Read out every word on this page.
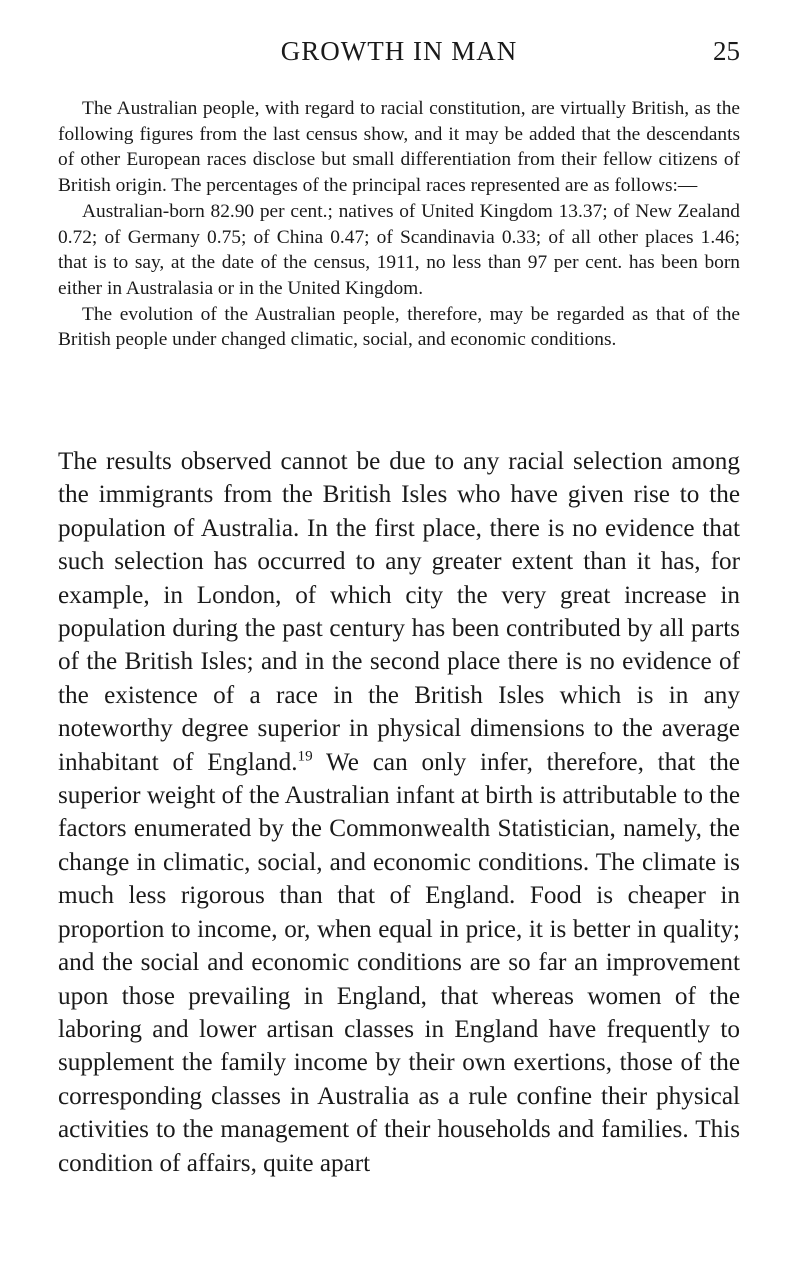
GROWTH IN MAN	25

The Australian people, with regard to racial constitution, are virtually British, as the following figures from the last census show, and it may be added that the descendants of other European races disclose but small differentiation from their fellow citizens of British origin. The percentages of the principal races represented are as follows:—

Australian-born 82.90 per cent.; natives of United Kingdom 13.37; of New Zealand 0.72; of Germany 0.75; of China 0.47; of Scandinavia 0.33; of all other places 1.46; that is to say, at the date of the census, 1911, no less than 97 per cent. has been born either in Australasia or in the United Kingdom.

The evolution of the Australian people, therefore, may be regarded as that of the British people under changed climatic, social, and economic conditions.

The results observed cannot be due to any racial selection among the immigrants from the British Isles who have given rise to the population of Australia. In the first place, there is no evidence that such selection has occurred to any greater extent than it has, for example, in London, of which city the very great increase in population during the past century has been contributed by all parts of the British Isles; and in the second place there is no evidence of the existence of a race in the British Isles which is in any noteworthy degree superior in physical dimensions to the average inhabitant of England.$^{19}$ We can only infer, therefore, that the superior weight of the Australian infant at birth is attributable to the factors enumerated by the Commonwealth Statistician, namely, the change in climatic, social, and economic conditions. The climate is much less rigorous than that of England. Food is cheaper in proportion to income, or, when equal in price, it is better in quality; and the social and economic conditions are so far an improvement upon those prevailing in England, that whereas women of the laboring and lower artisan classes in England have frequently to supplement the family income by their own exertions, those of the corresponding classes in Australia as a rule confine their physical activities to the management of their households and families. This condition of affairs, quite apart
